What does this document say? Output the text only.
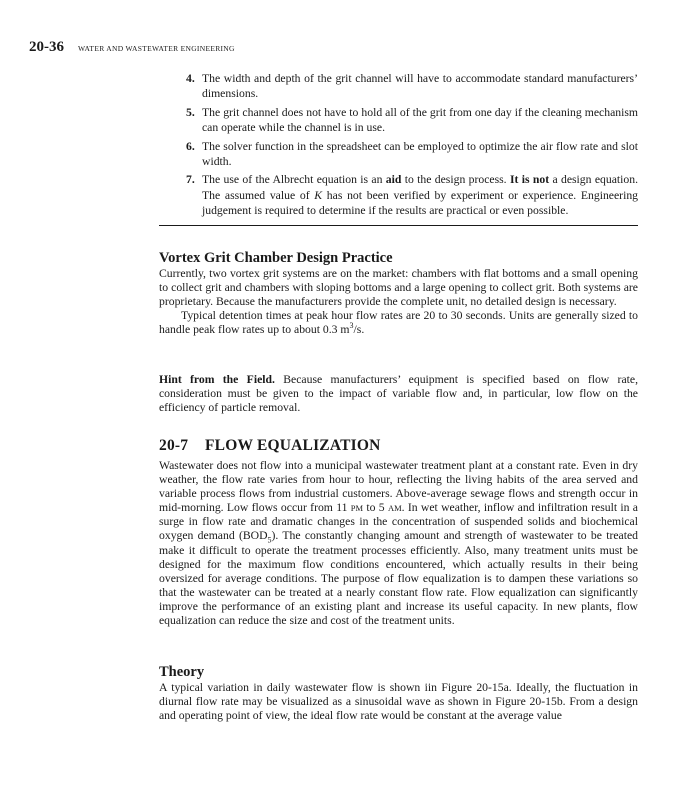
20-36 WATER AND WASTEWATER ENGINEERING
4. The width and depth of the grit channel will have to accommodate standard manufacturers’ dimensions.
5. The grit channel does not have to hold all of the grit from one day if the cleaning mechanism can operate while the channel is in use.
6. The solver function in the spreadsheet can be employed to optimize the air flow rate and slot width.
7. The use of the Albrecht equation is an aid to the design process. It is not a design equation. The assumed value of K has not been verified by experiment or experience. Engineering judgement is required to determine if the results are practical or even possible.
Vortex Grit Chamber Design Practice

Currently, two vortex grit systems are on the market: chambers with flat bottoms and a small opening to collect grit and chambers with sloping bottoms and a large opening to collect grit. Both systems are proprietary. Because the manufacturers provide the complete unit, no detailed design is necessary.

Typical detention times at peak hour flow rates are 20 to 30 seconds. Units are generally sized to handle peak flow rates up to about 0.3 $m^3/s$.

Hint from the Field. Because manufacturers’ equipment is specified based on flow rate, consideration must be given to the impact of variable flow and, in particular, low flow on the efficiency of particle removal.

20-7 FLOW EQUALIZATION

Wastewater does not flow into a municipal wastewater treatment plant at a constant rate. Even in dry weather, the flow rate varies from hour to hour, reflecting the living habits of the area served and variable process flows from industrial customers. Above-average sewage flows and strength occur in mid-morning. Low flows occur from 11 PM to 5 AM. In wet weather, inflow and infiltration result in a surge in flow rate and dramatic changes in the concentration of suspended solids and biochemical oxygen demand $(BOD_5)$. The constantly changing amount and strength of wastewater to be treated make it difficult to operate the treatment processes efficiently. Also, many treatment units must be designed for the maximum flow conditions encountered, which actually results in their being oversized for average conditions. The purpose of flow equalization is to dampen these variations so that the wastewater can be treated at a nearly constant flow rate. Flow equalization can significantly improve the performance of an existing plant and increase its useful capacity. In new plants, flow equalization can reduce the size and cost of the treatment units.

Theory

A typical variation in daily wastewater flow is shown iin Figure 20-15a. Ideally, the fluctuation in diurnal flow rate may be visualized as a sinusoidal wave as shown in Figure 20-15b. From a design and operating point of view, the ideal flow rate would be constant at the average value
